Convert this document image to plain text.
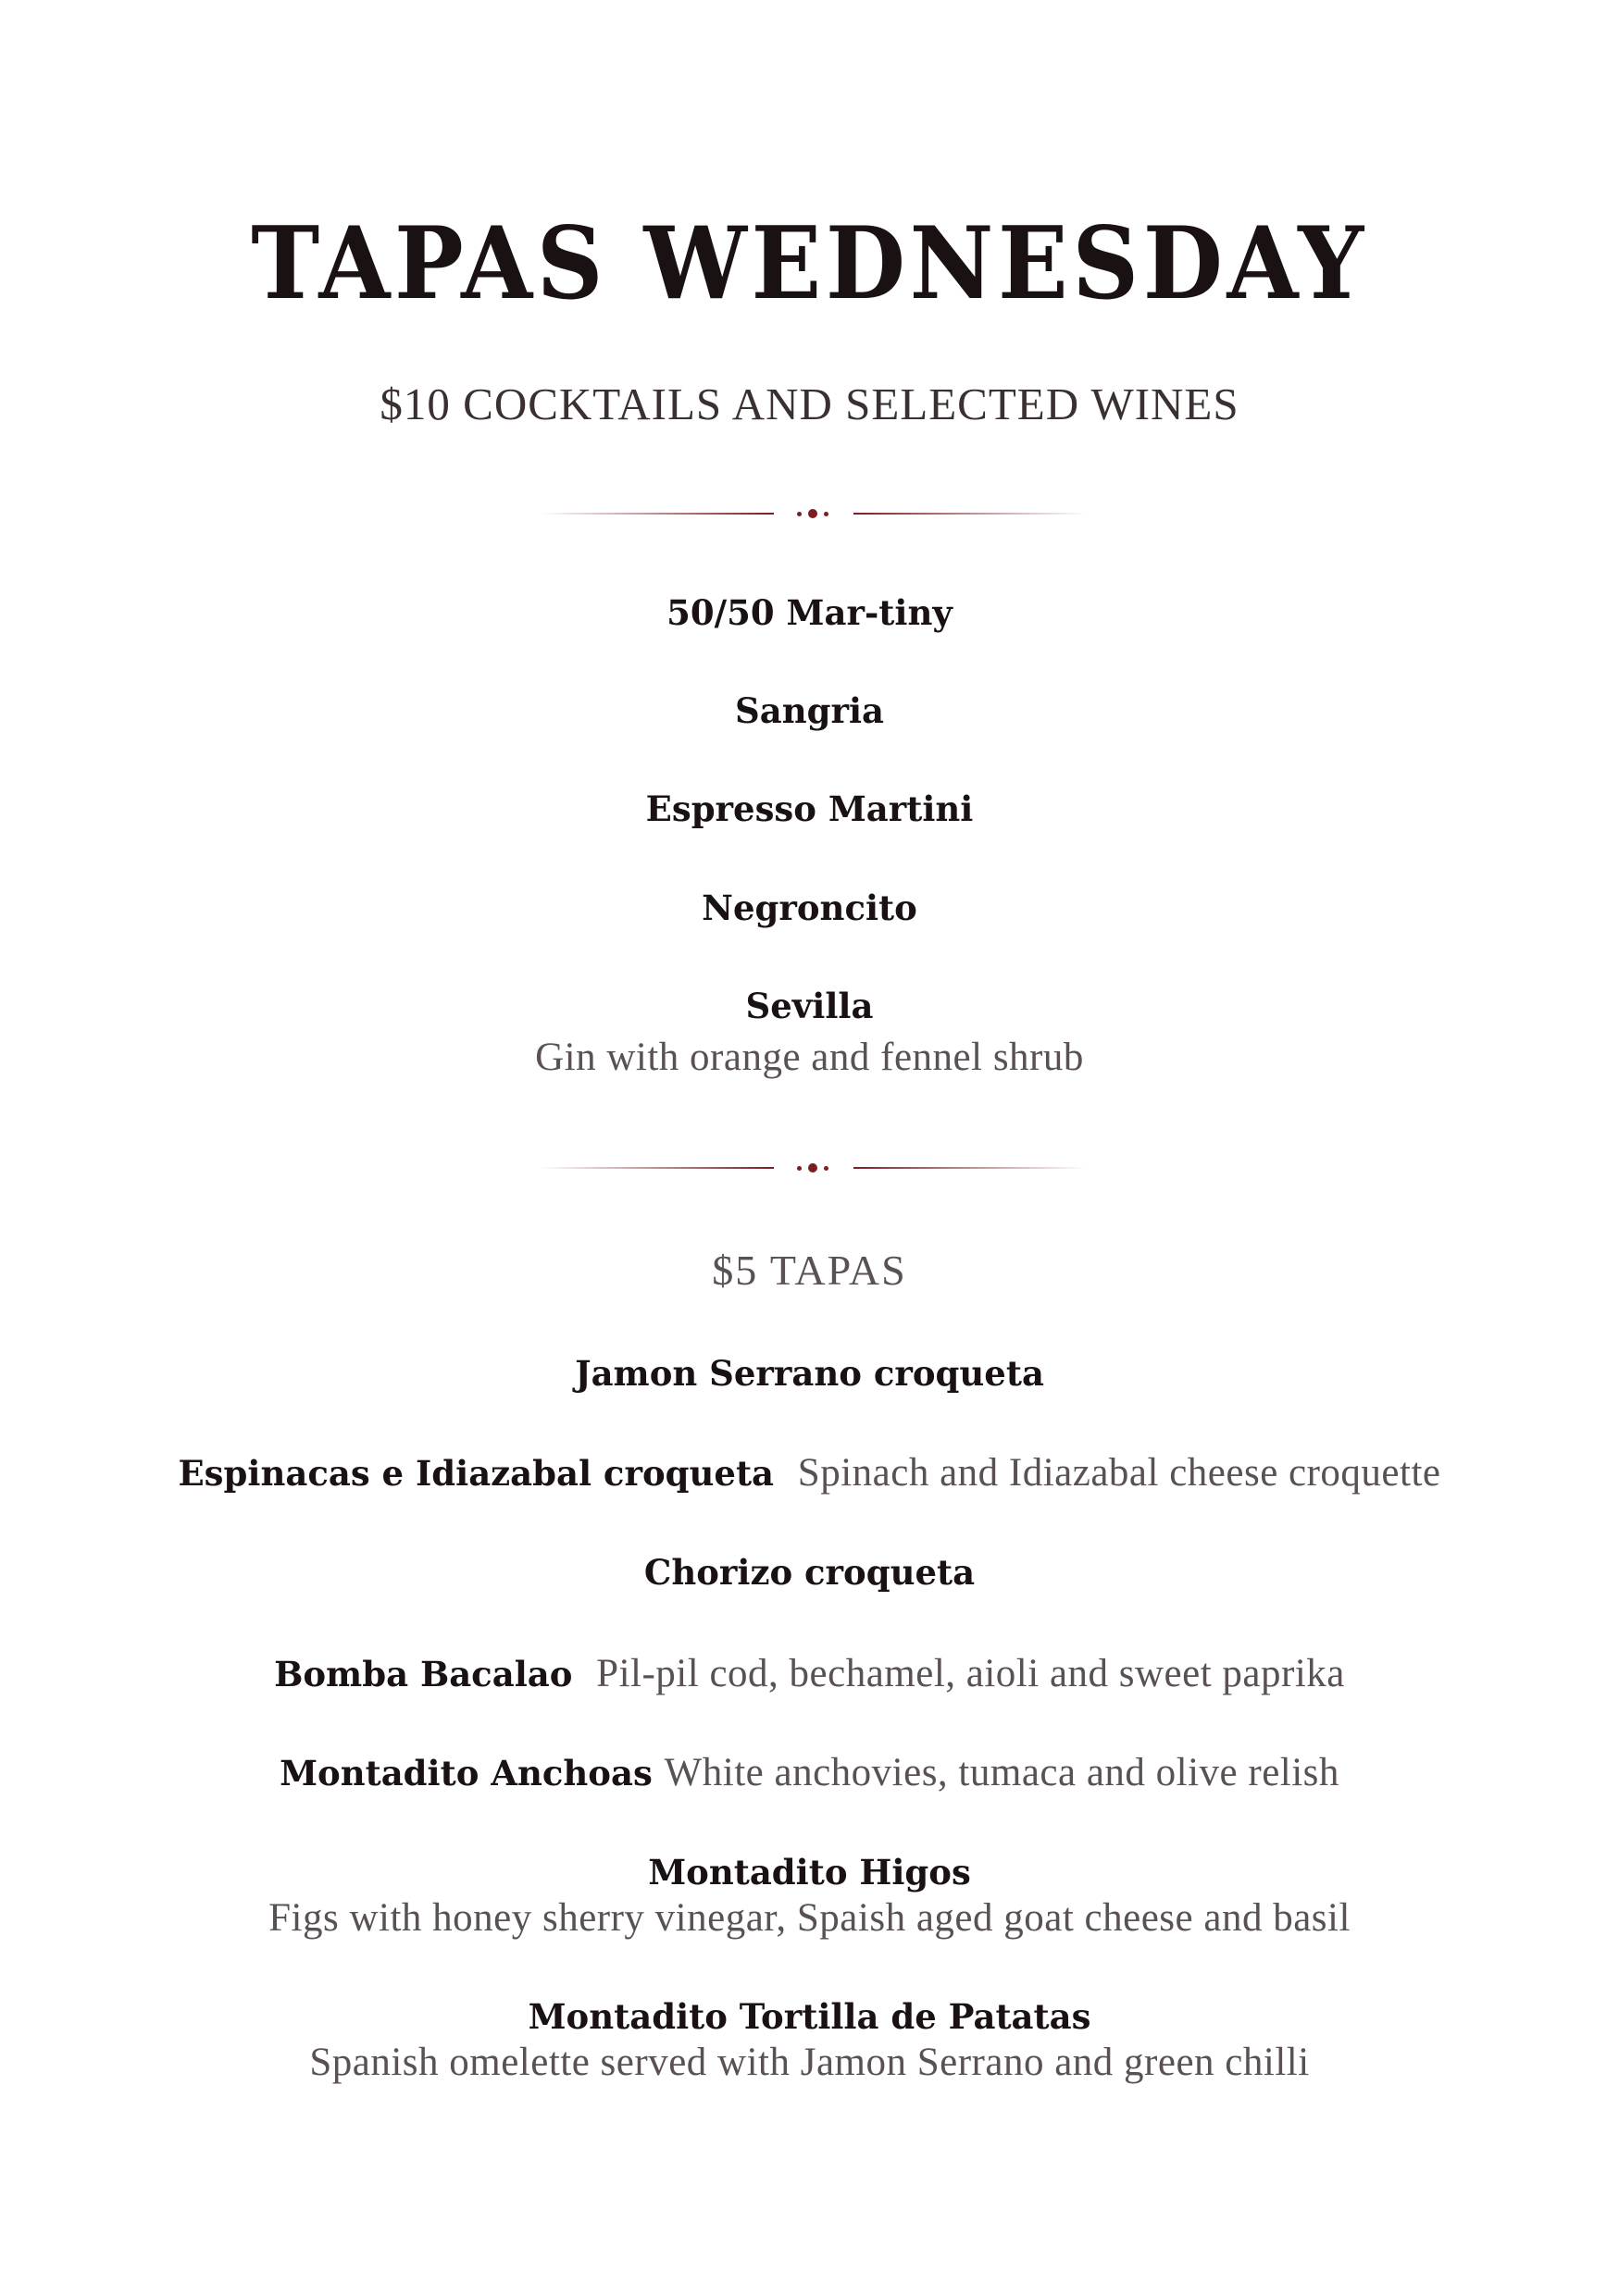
TAPAS WEDNESDAY
$10 COCKTAILS AND SELECTED WINES
50/50 Mar-tiny
Sangria
Espresso Martini
Negroncito
Sevilla
Gin with orange and fennel shrub
$5 TAPAS
Jamon Serrano croqueta
Espinacas e Idiazabal croqueta Spinach and Idiazabal cheese croquette
Chorizo croqueta
Bomba Bacalao Pil-pil cod, bechamel, aioli and sweet paprika
Montadito Anchoas White anchovies, tumaca and olive relish
Montadito Higos
Figs with honey sherry vinegar, Spaish aged goat cheese and basil
Montadito Tortilla de Patatas
Spanish omelette served with Jamon Serrano and green chilli
